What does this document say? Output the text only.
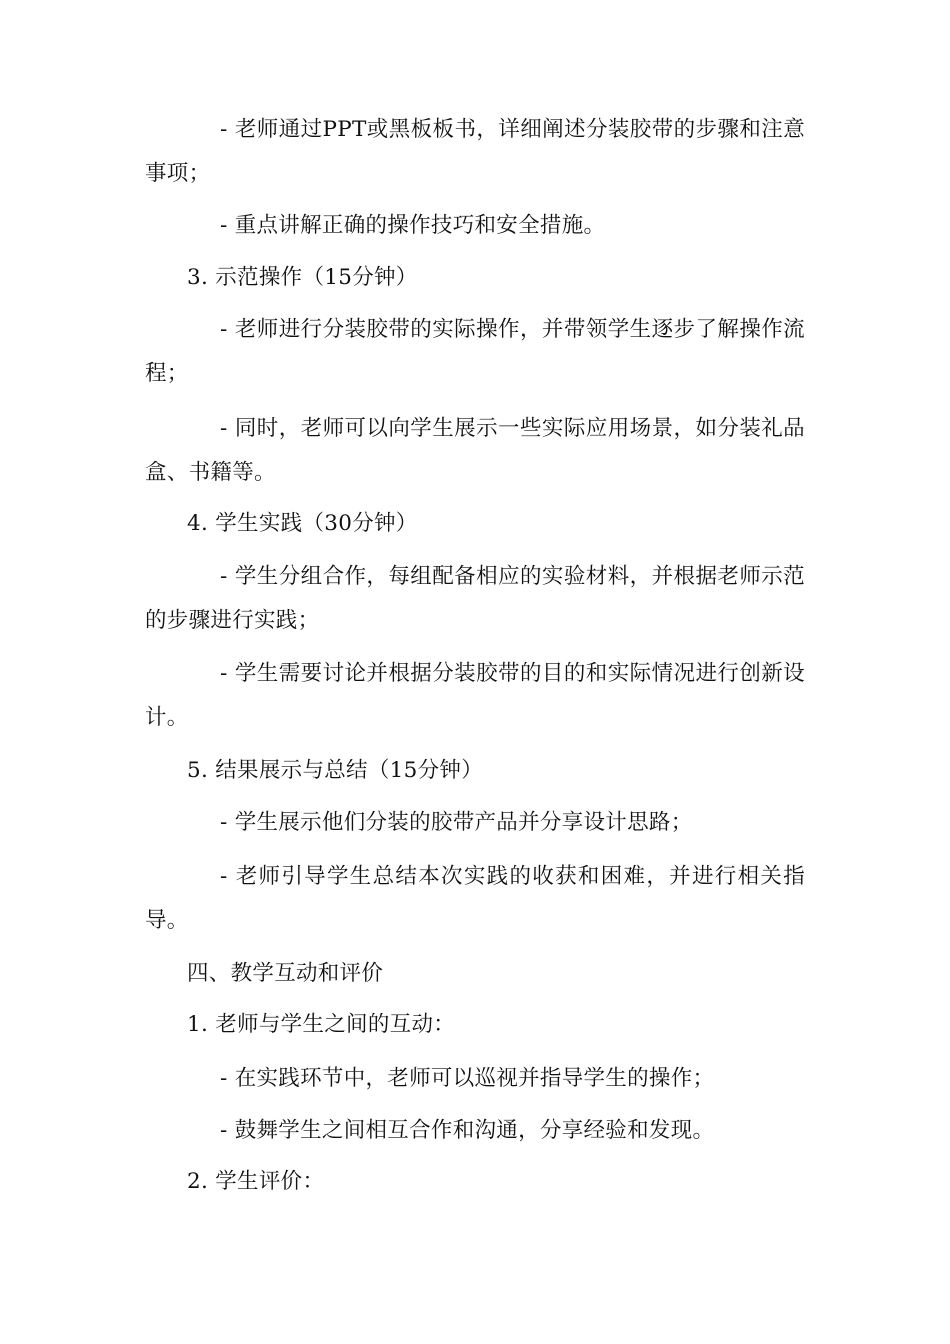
- 老师通过PPT或黑板板书，详细阐述分装胶带的步骤和注意事项；

- 重点讲解正确的操作技巧和安全措施。

3. 示范操作（15分钟）

- 老师进行分装胶带的实际操作，并带领学生逐步了解操作流程；

- 同时，老师可以向学生展示一些实际应用场景，如分装礼品盒、书籍等。

4. 学生实践（30分钟）

- 学生分组合作，每组配备相应的实验材料，并根据老师示范的步骤进行实践；

- 学生需要讨论并根据分装胶带的目的和实际情况进行创新设计。

5. 结果展示与总结（15分钟）

- 学生展示他们分装的胶带产品并分享设计思路；

- 老师引导学生总结本次实践的收获和困难，并进行相关指导。

四、教学互动和评价

1. 老师与学生之间的互动：

- 在实践环节中，老师可以巡视并指导学生的操作；

- 鼓舞学生之间相互合作和沟通，分享经验和发现。

2. 学生评价：
